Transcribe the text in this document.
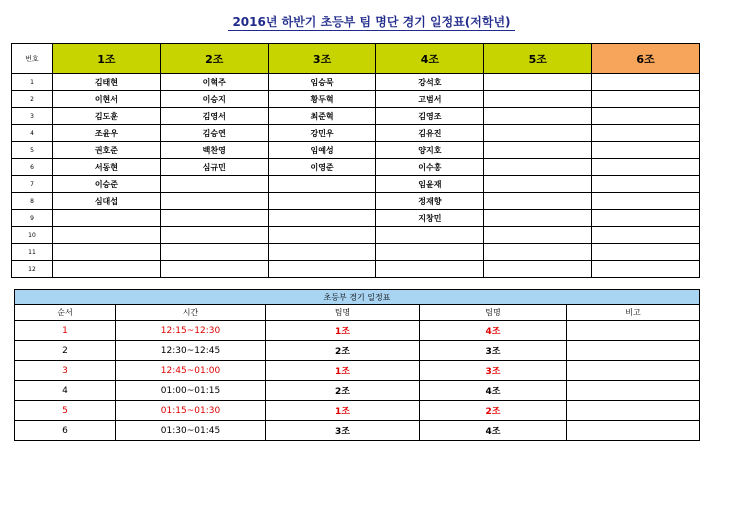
2016년 하반기 초등부 팀 명단 경기 일정표(저학년)
번호	1조	2조	3조	4조	5조	6조
1	김태현	이혁주	임승묵	강석호		
2	이현서	이승지	황두혁	고범서		
3	김도훈	김영서	최준혁	김영조		
4	조윤우	김승연	강민우	김유진		
5	권호준	백찬영	임예성	양지호		
6	서동현	심규민	이영준	이수홍		
7	이승준			임윤재		
8	심대섭			정재향		
9				지창민		
10						
11						
12						
초등부 경기 일정표				
순서	시간	팀명	팀명	비고
1	12:15~12:30	1조	4조	
2	12:30~12:45	2조	3조	
3	12:45~01:00	1조	3조	
4	01:00~01:15	2조	4조	
5	01:15~01:30	1조	2조	
6	01:30~01:45	3조	4조	
